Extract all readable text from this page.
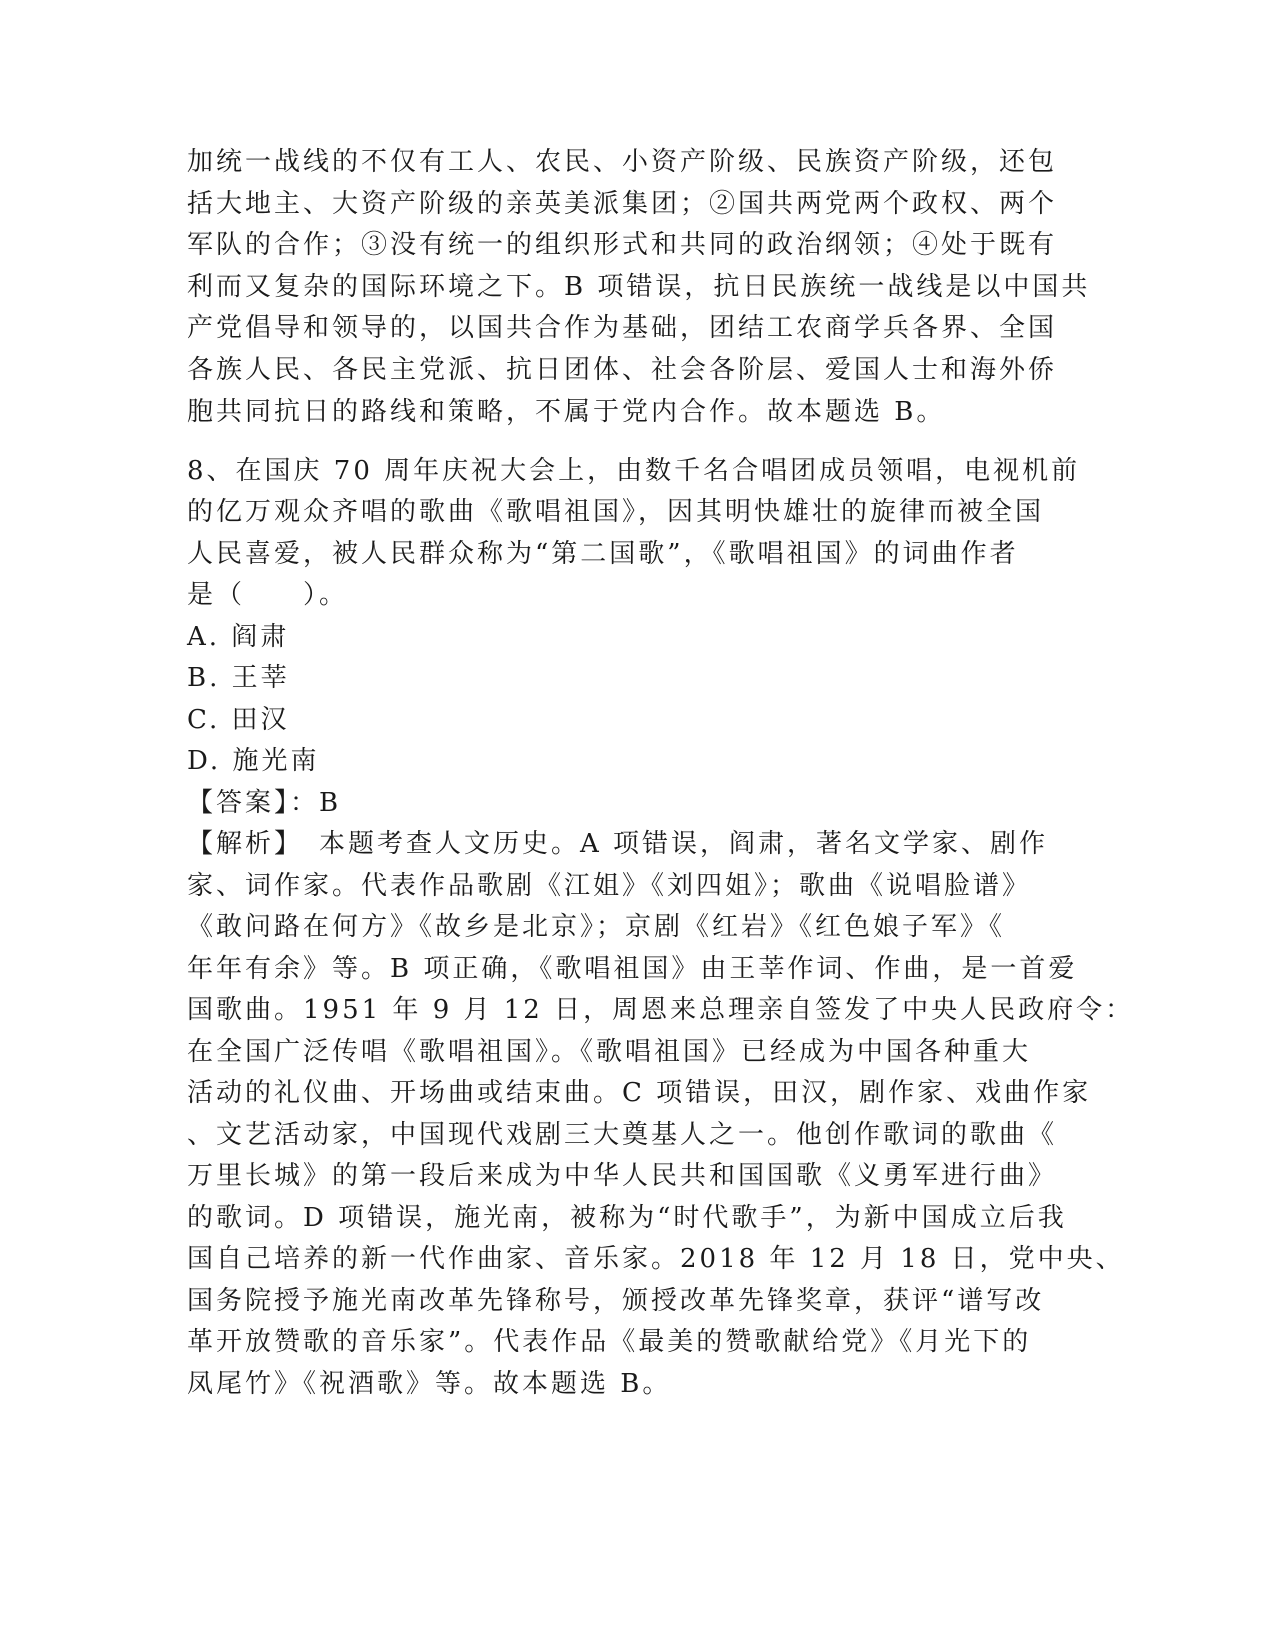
加统一战线的不仅有工人、农民、小资产阶级、民族资产阶级，还包
括大地主、大资产阶级的亲英美派集团；②国共两党两个政权、两个
军队的合作；③没有统一的组织形式和共同的政治纲领；④处于既有
利而又复杂的国际环境之下。B 项错误，抗日民族统一战线是以中国共
产党倡导和领导的，以国共合作为基础，团结工农商学兵各界、全国
各族人民、各民主党派、抗日团体、社会各阶层、爱国人士和海外侨
胞共同抗日的路线和策略，不属于党内合作。故本题选 B。
8、在国庆 70 周年庆祝大会上，由数千名合唱团成员领唱，电视机前
的亿万观众齐唱的歌曲《歌唱祖国》，因其明快雄壮的旋律而被全国
人民喜爱，被人民群众称为“第二国歌”，《歌唱祖国》的词曲作者
是（　　）。
A. 阎肃
B. 王莘
C. 田汉
D. 施光南
【答案】：B
【解析】　本题考查人文历史。A 项错误，阎肃，著名文学家、剧作
家、词作家。代表作品歌剧《江姐》《刘四姐》；歌曲《说唱脸谱》
《敢问路在何方》《故乡是北京》；京剧《红岩》《红色娘子军》《
年年有余》等。B 项正确，《歌唱祖国》由王莘作词、作曲，是一首爱
国歌曲。1951 年 9 月 12 日，周恩来总理亲自签发了中央人民政府令：
在全国广泛传唱《歌唱祖国》。《歌唱祖国》已经成为中国各种重大
活动的礼仪曲、开场曲或结束曲。C 项错误，田汉，剧作家、戏曲作家
、文艺活动家，中国现代戏剧三大奠基人之一。他创作歌词的歌曲《
万里长城》的第一段后来成为中华人民共和国国歌《义勇军进行曲》
的歌词。D 项错误，施光南，被称为“时代歌手”，为新中国成立后我
国自己培养的新一代作曲家、音乐家。2018 年 12 月 18 日，党中央、
国务院授予施光南改革先锋称号，颁授改革先锋奖章，获评“谱写改
革开放赞歌的音乐家”。代表作品《最美的赞歌献给党》《月光下的
凤尾竹》《祝酒歌》等。故本题选 B。
